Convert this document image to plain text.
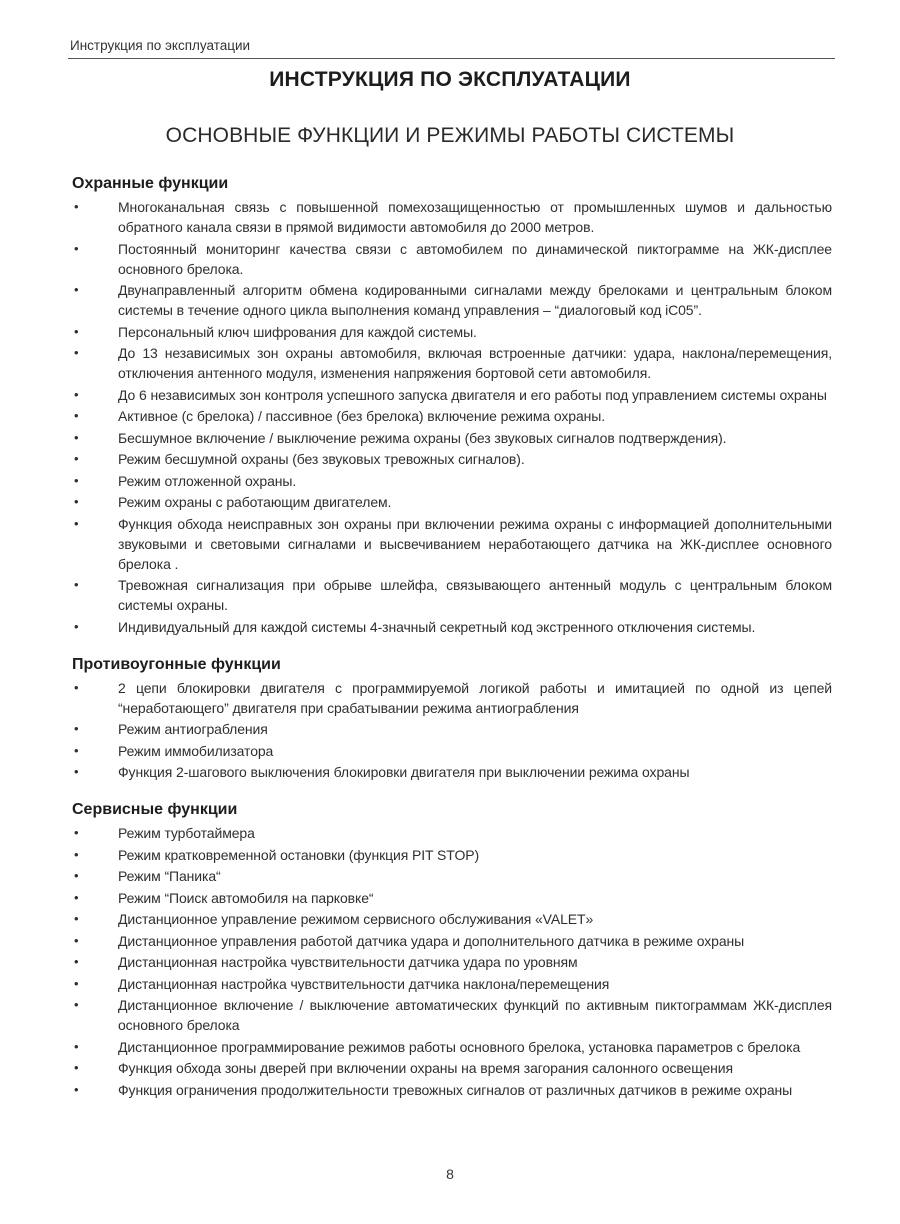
Инструкция по эксплуатации
ИНСТРУКЦИЯ ПО ЭКСПЛУАТАЦИИ
ОСНОВНЫЕ ФУНКЦИИ И РЕЖИМЫ РАБОТЫ СИСТЕМЫ
Охранные функции
•	Многоканальная связь с повышенной помехозащищенностью от промышленных шумов и дальностью обратного канала связи в прямой видимости автомобиля до 2000 метров.
•	Постоянный мониторинг качества связи с автомобилем по динамической пиктограмме на ЖК-дисплее основного брелока.
•	Двунаправленный алгоритм обмена кодированными сигналами между брелоками и центральным блоком системы в течение одного цикла выполнения команд управления – “диалоговый код iC05”.
•	Персональный ключ шифрования для каждой системы.
•	До 13 независимых зон охраны автомобиля, включая встроенные датчики: удара, наклона/перемещения, отключения антенного модуля, изменения напряжения бортовой сети автомобиля.
•	До 6 независимых зон контроля успешного запуска двигателя и его работы под управлением системы охраны
•	Активное (с брелока) / пассивное (без брелока) включение режима охраны.
•	Бесшумное включение / выключение режима охраны (без звуковых сигналов подтверждения).
•	Режим бесшумной охраны (без звуковых тревожных сигналов).
•	Режим отложенной охраны.
•	Режим охраны с работающим двигателем.
•	Функция обхода неисправных зон охраны при включении режима охраны с информацией дополнительными звуковыми и световыми сигналами и высвечиванием неработающего датчика на ЖК-дисплее основного брелока .
•	Тревожная сигнализация при обрыве шлейфа, связывающего антенный модуль с центральным блоком системы охраны.
•	Индивидуальный для каждой системы 4-значный секретный код экстренного отключения системы.
Противоугонные функции
•	2 цепи блокировки двигателя с программируемой логикой работы и имитацией по одной из цепей “неработающего” двигателя при срабатывании режима антиограбления
•	Режим антиограбления
•	Режим иммобилизатора
•	Функция 2-шагового выключения блокировки двигателя при выключении режима охраны
Сервисные функции
•	Режим турботаймера
•	Режим кратковременной остановки (функция PIT STOP)
•	Режим “Паника“
•	Режим “Поиск автомобиля на парковке“
•	Дистанционное управление режимом сервисного обслуживания «VALET»
•	Дистанционное управления работой датчика удара и дополнительного датчика в режиме охраны
•	Дистанционная настройка чувствительности датчика удара по уровням
•	Дистанционная настройка чувствительности датчика наклона/перемещения
•	Дистанционное включение / выключение автоматических функций по активным пиктограммам ЖК-дисплея основного брелока
•	Дистанционное программирование режимов работы основного брелока, установка параметров с брелока
•	Функция обхода зоны дверей при включении охраны на время загорания салонного освещения
•	Функция ограничения продолжительности тревожных сигналов от различных датчиков в режиме охраны
8
